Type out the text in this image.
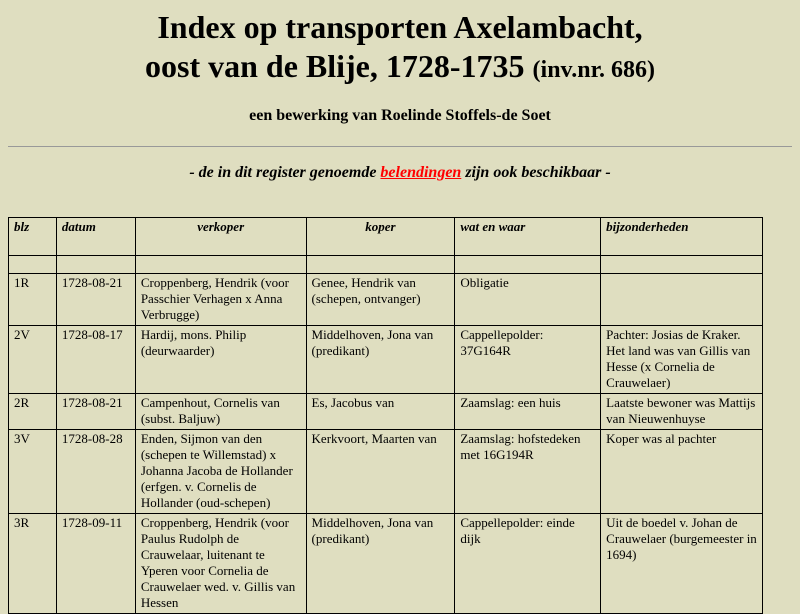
Index op transporten Axelambacht,
oost van de Blije, 1728-1735 (inv.nr. 686)
een bewerking van Roelinde Stoffels-de Soet
- de in dit register genoemde belendingen zijn ook beschikbaar -
blz	datum	verkoper	koper	wat en waar	bijzonderheden

1R	1728-08-21	Croppenberg, Hendrik (voor Passchier Verhagen x Anna Verbrugge)	Genee, Hendrik van (schepen, ontvanger)	Obligatie	
2V	1728-08-17	Hardij, mons. Philip (deurwaarder)	Middelhoven, Jona van (predikant)	Cappellepolder: 37G164R	Pachter: Josias de Kraker. Het land was van Gillis van Hesse (x Cornelia de Crauwelaer)
2R	1728-08-21	Campenhout, Cornelis van (subst. Baljuw)	Es, Jacobus van	Zaamslag: een huis	Laatste bewoner was Mattijs van Nieuwenhuyse
3V	1728-08-28	Enden, Sijmon van den (schepen te Willemstad) x Johanna Jacoba de Hollander (erfgen. v. Cornelis de Hollander (oud-schepen)	Kerkvoort, Maarten van	Zaamslag: hofstedeken met 16G194R	Koper was al pachter
3R	1728-09-11	Croppenberg, Hendrik (voor Paulus Rudolph de Crauwelaar, luitenant te Yperen voor Cornelia de Crauwelaer wed. v. Gillis van Hessen	Middelhoven, Jona van (predikant)	Cappellepolder: einde dijk	Uit de boedel v. Johan de Crauwelaer (burgemeester in 1694)
